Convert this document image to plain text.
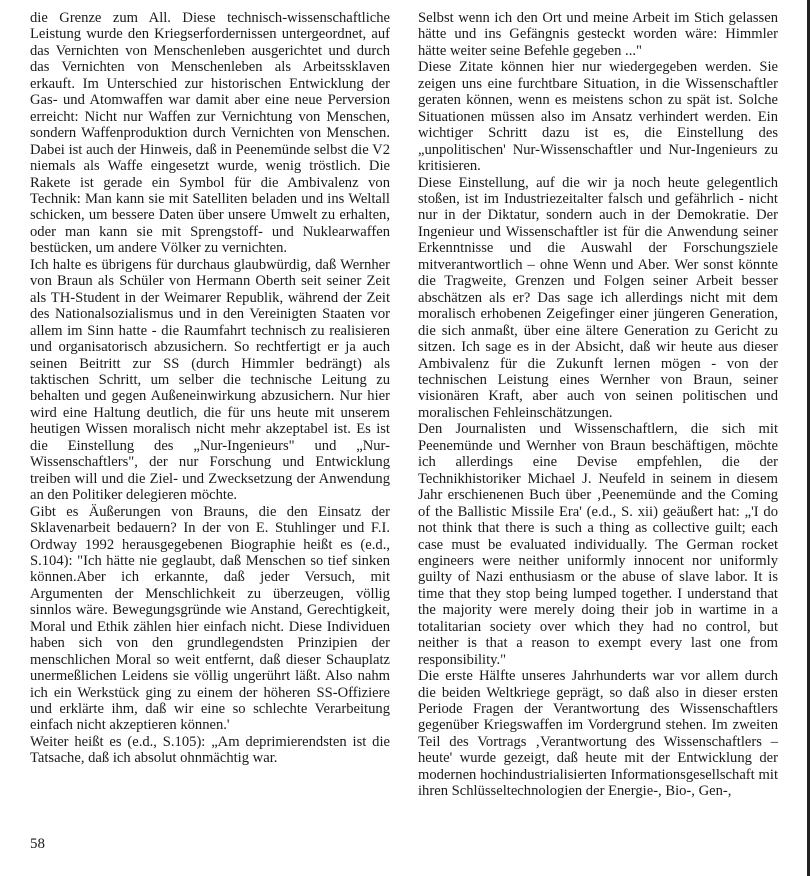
die Grenze zum All. Diese technisch-wissenschaftliche Leistung wurde den Kriegserfordernissen untergeordnet, auf das Vernichten von Menschenleben ausgerichtet und durch das Vernichten von Menschenleben als Arbeitssklaven erkauft. Im Unterschied zur historischen Entwicklung der Gas- und Atomwaffen war damit aber eine neue Perversion erreicht: Nicht nur Waffen zur Vernichtung von Menschen, sondern Waffenproduktion durch Vernichten von Menschen. Dabei ist auch der Hinweis, daß in Peenemünde selbst die V2 niemals als Waffe eingesetzt wurde, wenig tröstlich. Die Rakete ist gerade ein Symbol für die Ambivalenz von Technik: Man kann sie mit Satelliten beladen und ins Weltall schicken, um bessere Daten über unsere Umwelt zu erhalten, oder man kann sie mit Sprengstoff- und Nuklearwaffen bestücken, um andere Völker zu vernichten.

Ich halte es übrigens für durchaus glaubwürdig, daß Wernher von Braun als Schüler von Hermann Oberth seit seiner Zeit als TH-Student in der Weimarer Republik, während der Zeit des Nationalsozialismus und in den Vereinigten Staaten vor allem im Sinn hatte - die Raumfahrt technisch zu realisieren und organisatorisch abzusichern. So rechtfertigt er ja auch seinen Beitritt zur SS (durch Himmler bedrängt) als taktischen Schritt, um selber die technische Leitung zu behalten und gegen Außeneinwirkung abzusichern. Nur hier wird eine Haltung deutlich, die für uns heute mit unserem heutigen Wissen moralisch nicht mehr akzeptabel ist. Es ist die Einstellung des „Nur-Ingenieurs" und „Nur-Wissenschaftlers", der nur Forschung und Entwicklung treiben will und die Ziel- und Zwecksetzung der Anwendung an den Politiker delegieren möchte.

Gibt es Äußerungen von Brauns, die den Einsatz der Sklavenarbeit bedauern? In der von E. Stuhlinger und F.I. Ordway 1992 herausgegebenen Biographie heißt es (e.d., S.104): "Ich hätte nie geglaubt, daß Menschen so tief sinken können.Aber ich erkannte, daß jeder Versuch, mit Argumenten der Menschlichkeit zu überzeugen, völlig sinnlos wäre. Bewegungsgründe wie Anstand, Gerechtigkeit, Moral und Ethik zählen hier einfach nicht. Diese Individuen haben sich von den grundlegendsten Prinzipien der menschlichen Moral so weit entfernt, daß dieser Schauplatz unermeßlichen Leidens sie völlig ungerührt läßt. Also nahm ich ein Werkstück ging zu einem der höheren SS-Offiziere und erklärte ihm, daß wir eine so schlechte Verarbeitung einfach nicht akzeptieren können.'

Weiter heißt es (e.d., S.105): „Am deprimierendsten ist die Tatsache, daß ich absolut ohnmächtig war.

Selbst wenn ich den Ort und meine Arbeit im Stich gelassen hätte und ins Gefängnis gesteckt worden wäre: Himmler hätte weiter seine Befehle gegeben ..."

Diese Zitate können hier nur wiedergegeben werden. Sie zeigen uns eine furchtbare Situation, in die Wissenschaftler geraten können, wenn es meistens schon zu spät ist. Solche Situationen müssen also im Ansatz verhindert werden. Ein wichtiger Schritt dazu ist es, die Einstellung des „unpolitischen' Nur-Wissenschaftler und Nur-Ingenieurs zu kritisieren.

Diese Einstellung, auf die wir ja noch heute gelegentlich stoßen, ist im Industriezeitalter falsch und gefährlich - nicht nur in der Diktatur, sondern auch in der Demokratie. Der Ingenieur und Wissenschaftler ist für die Anwendung seiner Erkenntnisse und die Auswahl der Forschungsziele mitverantwortlich – ohne Wenn und Aber. Wer sonst könnte die Tragweite, Grenzen und Folgen seiner Arbeit besser abschätzen als er? Das sage ich allerdings nicht mit dem moralisch erhobenen Zeigefinger einer jüngeren Generation, die sich anmaßt, über eine ältere Generation zu Gericht zu sitzen. Ich sage es in der Absicht, daß wir heute aus dieser Ambivalenz für die Zukunft lernen mögen - von der technischen Leistung eines Wernher von Braun, seiner visionären Kraft, aber auch von seinen politischen und moralischen Fehleinschätzungen.

Den Journalisten und Wissenschaftlern, die sich mit Peenemünde und Wernher von Braun beschäftigen, möchte ich allerdings eine Devise empfehlen, die der Technikhistoriker Michael J. Neufeld in seinem in diesem Jahr erschienenen Buch über ‚Peenemünde and the Coming of the Ballistic Missile Era' (e.d., S. xii) geäußert hat: „'I do not think that there is such a thing as collective guilt; each case must be evaluated individually. The German rocket engineers were neither uniformly innocent nor uniformly guilty of Nazi enthusiasm or the abuse of slave labor. It is time that they stop being lumped together. I understand that the majority were merely doing their job in wartime in a totalitarian society over which they had no control, but neither is that a reason to exempt every last one from responsibility."

Die erste Hälfte unseres Jahrhunderts war vor allem durch die beiden Weltkriege geprägt, so daß also in dieser ersten Periode Fragen der Verantwortung des Wissenschaftlers gegenüber Kriegswaffen im Vordergrund stehen. Im zweiten Teil des Vortrags ‚Verantwortung des Wissenschaftlers – heute' wurde gezeigt, daß heute mit der Entwicklung der modernen hochindustrialisierten Informationsgesellschaft mit ihren Schlüsseltechnologien der Energie-, Bio-, Gen-,

58
